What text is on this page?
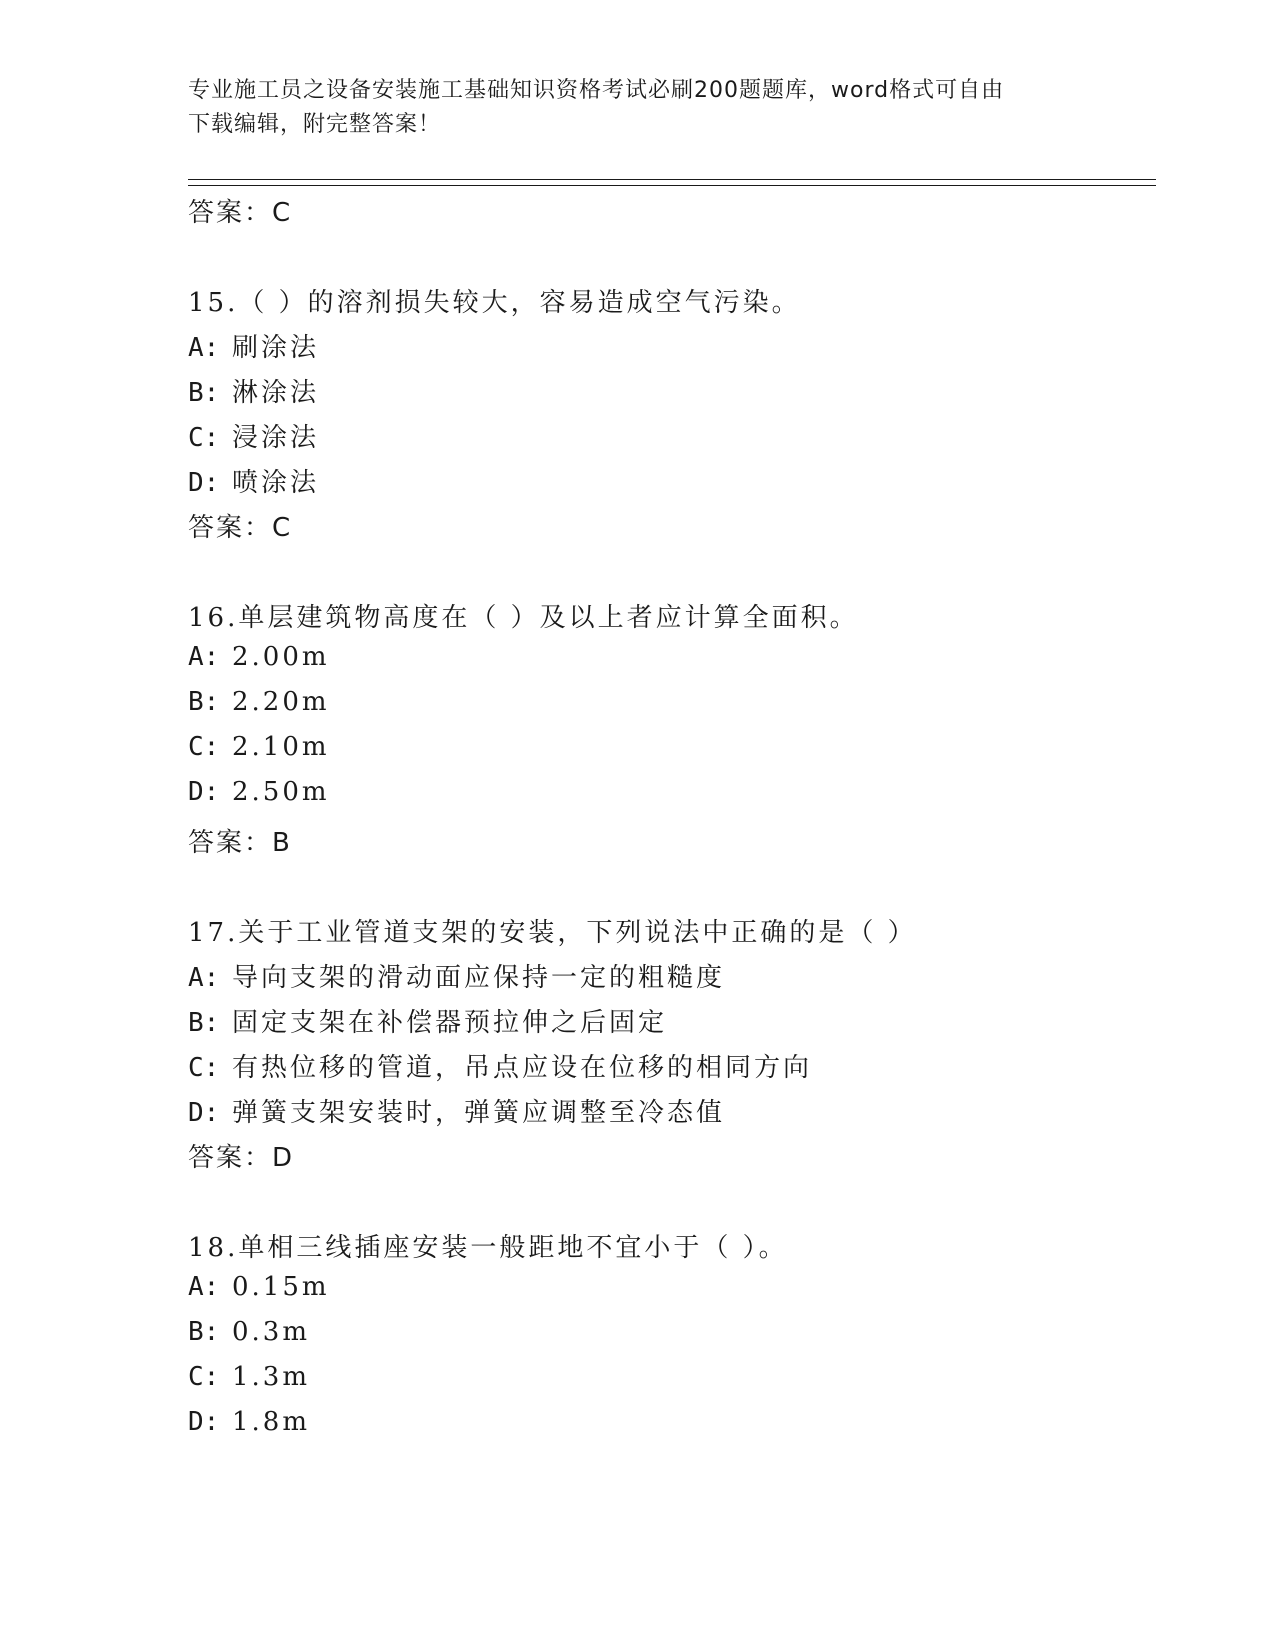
专业施工员之设备安装施工基础知识资格考试必刷200题题库，word格式可自由
下载编辑，附完整答案！
答案：C
15.（ ）的溶剂损失较大，容易造成空气污染。
A: 刷涂法
B: 淋涂法
C: 浸涂法
D: 喷涂法
答案：C
16.单层建筑物高度在（ ）及以上者应计算全面积。
A: 2.00m
B: 2.20m
C: 2.10m
D: 2.50m
答案：B
17.关于工业管道支架的安装，下列说法中正确的是（ ）
A: 导向支架的滑动面应保持一定的粗糙度
B: 固定支架在补偿器预拉伸之后固定
C: 有热位移的管道，吊点应设在位移的相同方向
D: 弹簧支架安装时，弹簧应调整至冷态值
答案：D
18.单相三线插座安装一般距地不宜小于（ ）。
A: 0.15m
B: 0.3m
C: 1.3m
D: 1.8m
